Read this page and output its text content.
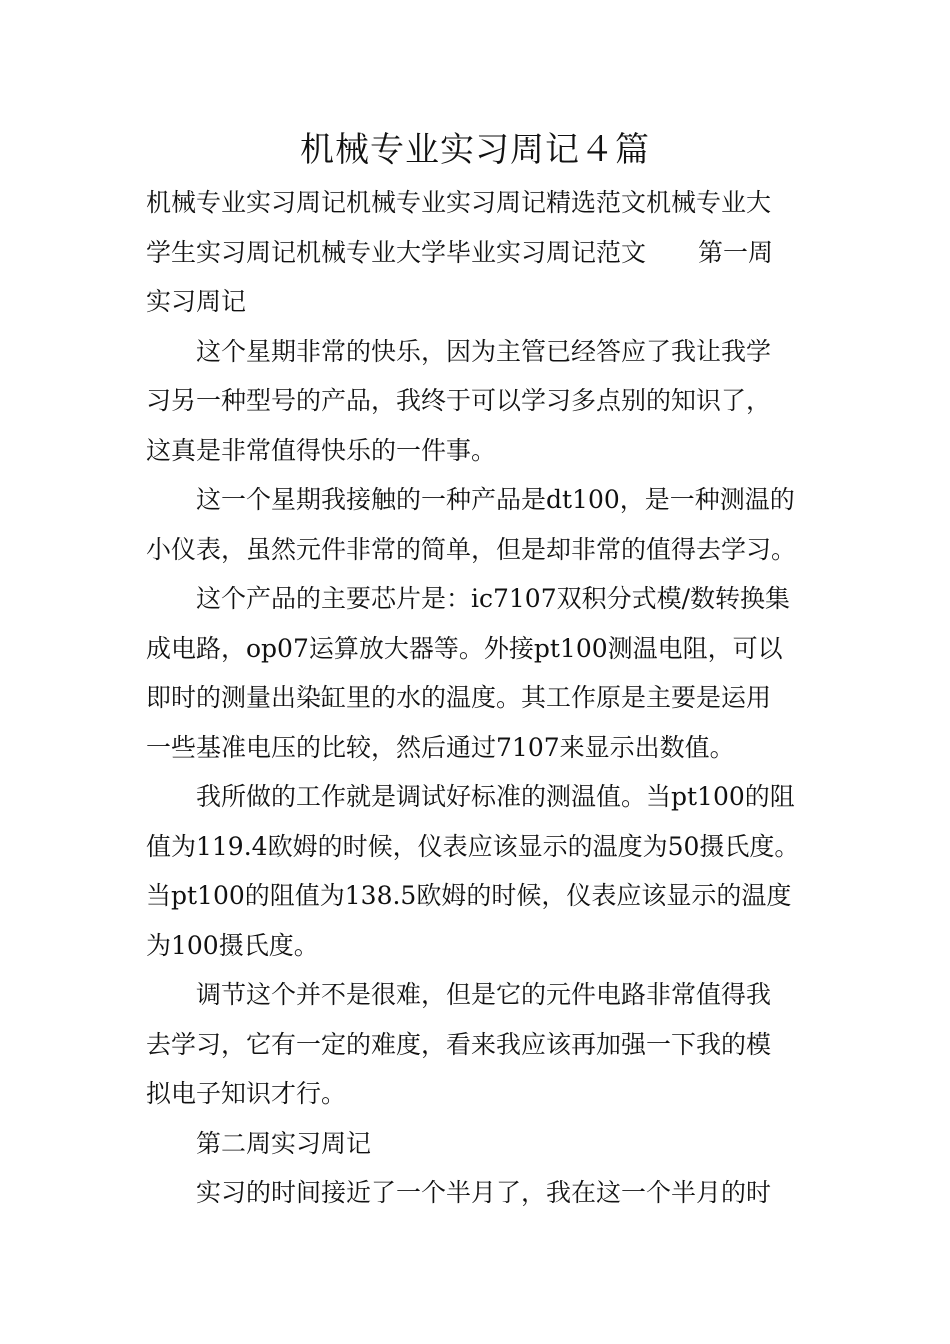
机械专业实习周记４篇
机械专业实习周记机械专业实习周记精选范文机械专业大
学生实习周记机械专业大学毕业实习周记范文 第一周
实习周记
这个星期非常的快乐，因为主管已经答应了我让我学
习另一种型号的产品，我终于可以学习多点别的知识了，
这真是非常值得快乐的一件事。
这一个星期我接触的一种产品是dt100，是一种测温的
小仪表，虽然元件非常的简单，但是却非常的值得去学习。
这个产品的主要芯片是：ic7107双积分式模/数转换集
成电路，op07运算放大器等。外接pt100测温电阻，可以
即时的测量出染缸里的水的温度。其工作原是主要是运用
一些基准电压的比较，然后通过7107来显示出数值。
我所做的工作就是调试好标准的测温值。当pt100的阻
值为119.4欧姆的时候，仪表应该显示的温度为50摄氏度。
当pt100的阻值为138.5欧姆的时候，仪表应该显示的温度
为100摄氏度。
调节这个并不是很难，但是它的元件电路非常值得我
去学习，它有一定的难度，看来我应该再加强一下我的模
拟电子知识才行。
第二周实习周记
实习的时间接近了一个半月了，我在这一个半月的时
